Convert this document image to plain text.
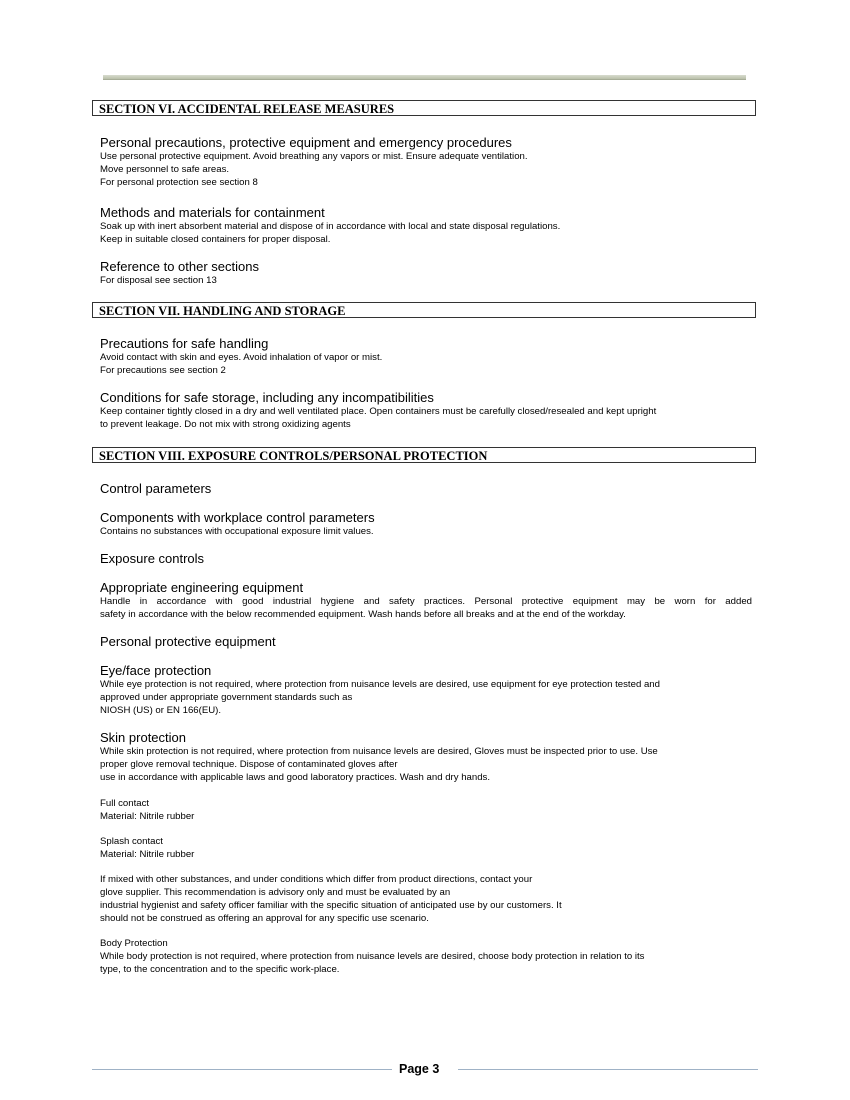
SECTION VI. ACCIDENTAL RELEASE MEASURES
Personal precautions, protective equipment and emergency procedures
Use personal protective equipment. Avoid breathing any vapors or mist. Ensure adequate ventilation.
Move personnel to safe areas.
For personal protection see section 8
Methods and materials for containment
Soak up with inert absorbent material and dispose of in accordance with local and state disposal regulations.
Keep in suitable closed containers for proper disposal.
Reference to other sections
For disposal see section 13
SECTION VII. HANDLING AND STORAGE
Precautions for safe handling
Avoid contact with skin and eyes. Avoid inhalation of vapor or mist.
For precautions see section 2
Conditions for safe storage, including any incompatibilities
Keep container tightly closed in a dry and well ventilated place. Open containers must be carefully closed/resealed and kept upright
to prevent leakage. Do not mix with strong oxidizing agents
SECTION VIII. EXPOSURE CONTROLS/PERSONAL PROTECTION
Control parameters
Components with workplace control parameters
Contains no substances with occupational exposure limit values.
Exposure controls
Appropriate engineering equipment
Handle in accordance with good industrial hygiene and safety practices. Personal protective equipment may be worn for added
safety in accordance with the below recommended equipment. Wash hands before all breaks and at the end of the workday.
Personal protective equipment
Eye/face protection
While eye protection is not required, where protection from nuisance levels are desired, use equipment for eye protection tested and
approved under appropriate government standards such as
NIOSH (US) or EN 166(EU).
Skin protection
While skin protection is not required, where protection from nuisance levels are desired, Gloves must be inspected prior to use. Use
proper glove removal technique. Dispose of contaminated gloves after
use in accordance with applicable laws and good laboratory practices. Wash and dry hands.
Full contact
Material: Nitrile rubber
Splash contact
Material: Nitrile rubber
If mixed with other substances, and under conditions which differ from product directions, contact your
glove supplier. This recommendation is advisory only and must be evaluated by an
industrial hygienist and safety officer familiar with the specific situation of anticipated use by our customers. It
should not be construed as offering an approval for any specific use scenario.
Body Protection
While body protection is not required, where protection from nuisance levels are desired, choose body protection in relation to its
type, to the concentration and to the specific work-place.
Page 3
